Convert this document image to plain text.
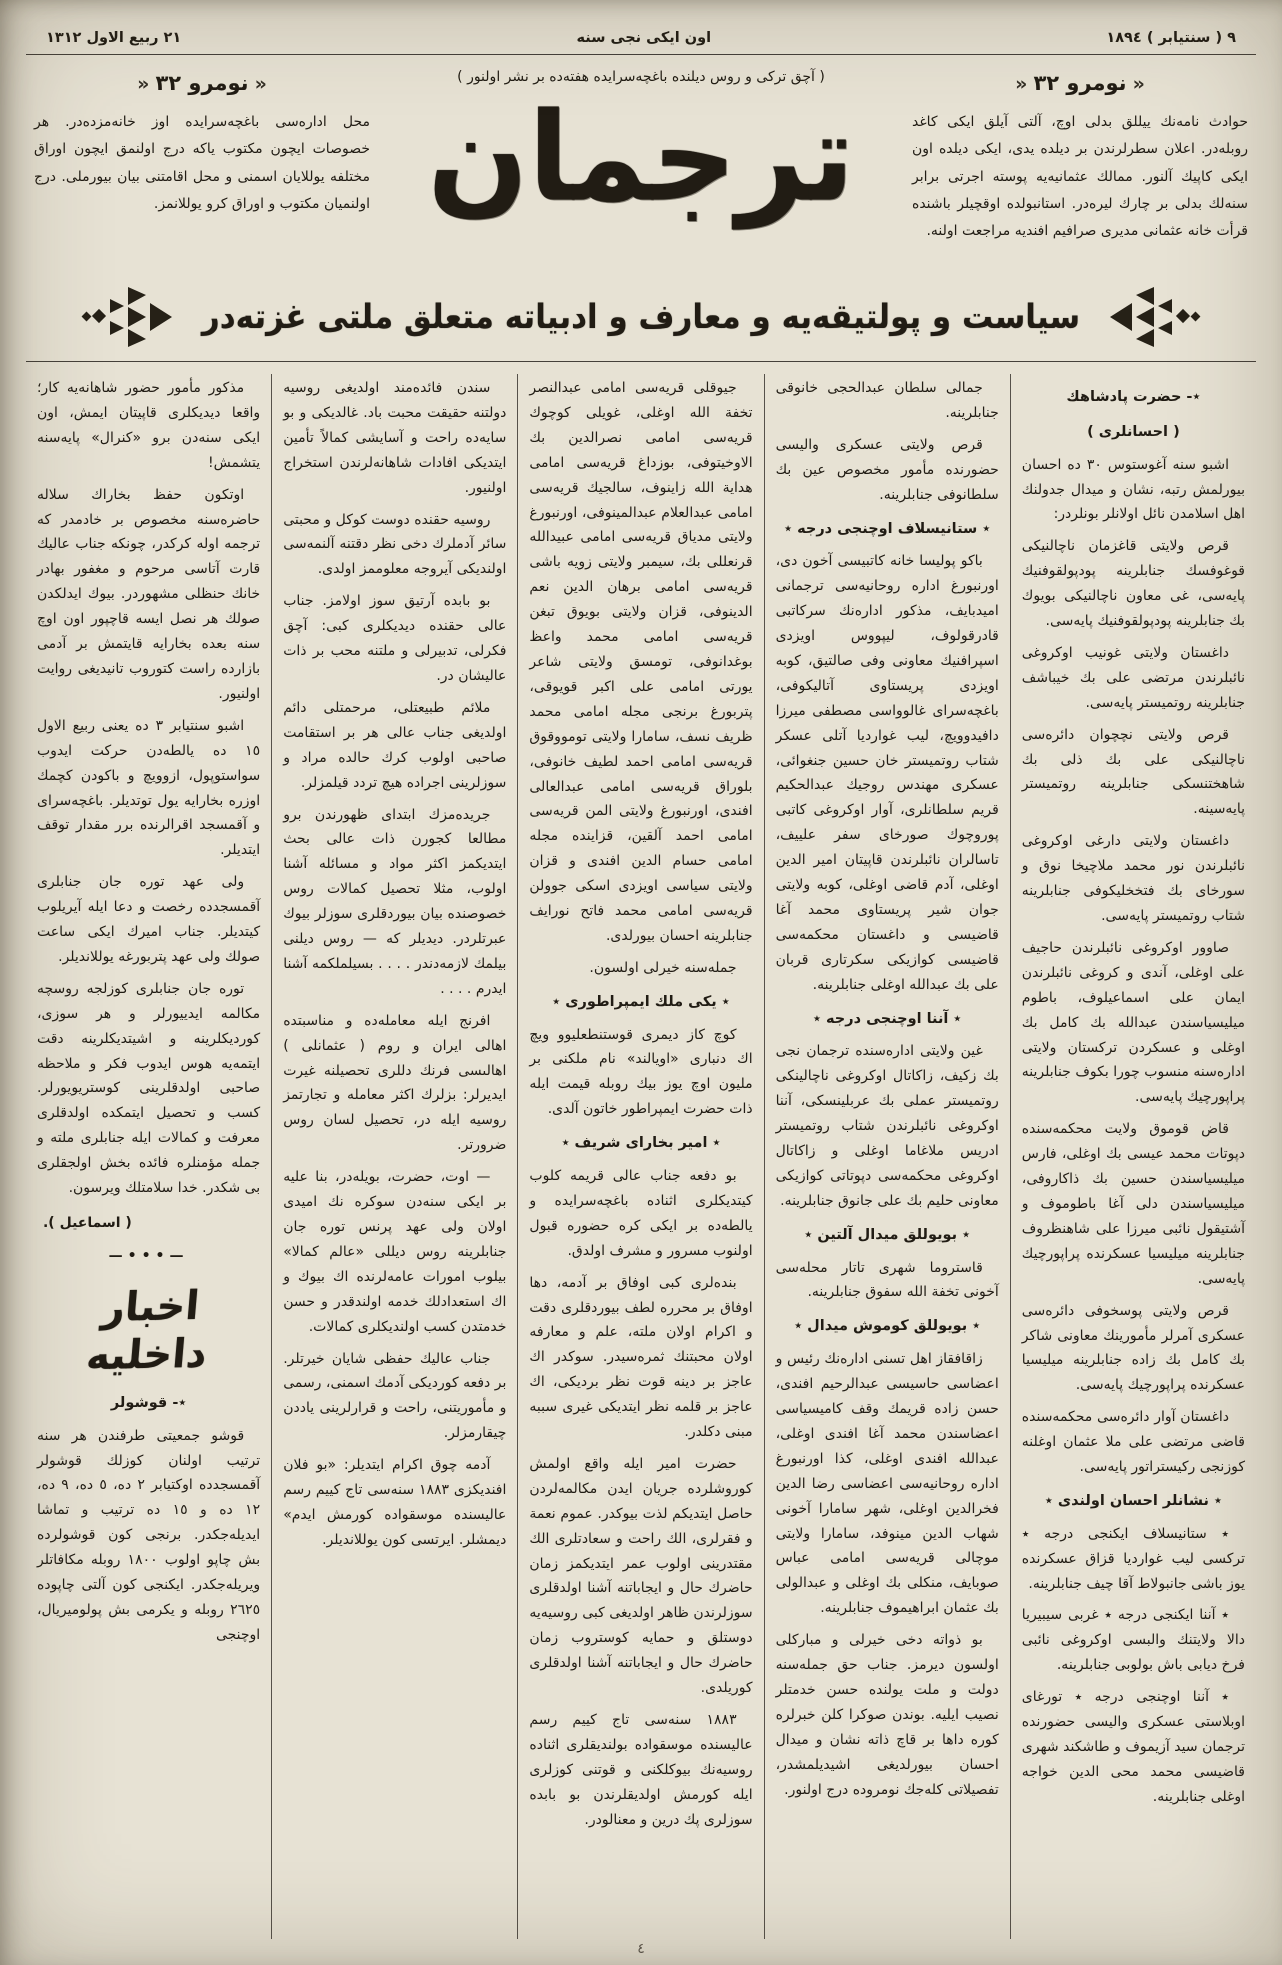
٩ ( سنتيابر ) ١٨٩٤
اون ايكى نجى سنه
٢١ ربيع الاول ١٣١٢
«نومرو ٣٢«

حوادث نامه‌نك ييللق بدلى اوچ، آلتى آيلق ايكى كاغد روبله‌در. اعلان سطرلرندن بر ديلده يدى، ايكى ديلده اون ايكى كاپيك آلنور. ممالك عثمانيه‌يه پوسته اجرتى برابر سنه‌لك بدلى بر چارك ليره‌در. استانبولده اوقچيلر باشنده قرأت خانه عثمانى مديرى صرافيم افنديه مراجعت اولنه.

( آچق تركى و روس ديلنده باغچه‌سرايده هفته‌ده بر نشر اولنور )
ترجمان
«نومرو ٣٢«

محل اداره‌سى باغچه‌سرايده اوز خانه‌مزده‌در. هر خصوصات ايچون مكتوب ياكه درج اولنمق ايچون اوراق مختلفه يوللايان اسمنى و محل اقامتنى بيان بيورملى. درج اولنميان مكتوب و اوراق كرو يوللانمز.

سياست و پولتيقه‌يه و معارف و ادبياته متعلق ملتى غزته‌در
٭- حضرت پادشاهك
( احسانلرى )
اشبو سنه آغوستوس ٣٠ ده احسان بيورلمش رتبه، نشان و ميدال جدولنك اهل اسلامدن نائل اولانلر بونلردر:
قرص ولايتى قاغزمان ناچالنيكى قوغوفسك جنابلرينه پودپولقوفنيك پايه‌سى، غى معاون ناچالنيكى بويوك بك جنابلرينه پودپولقوفنيك پايه‌سى.
داغستان ولايتى غونيب اوكروغى نائبلرندن مرتضى على بك خيباشف جنابلرينه روتميستر پايه‌سى.
قرص ولايتى نچچوان دائره‌سى ناچالنيكى على بك ذلى بك شاهختنسكى جنابلرينه روتميستر پايه‌سينه.
داغستان ولايتى دارغى اوكروغى نائبلرندن نور محمد ملاچيخا نوق و سورخاى بك فتخخليكوفى جنابلرينه شتاب روتميستر پايه‌سى.
صاوور اوكروغى نائبلرندن حاجيف على اوغلى، آندى و كروغى نائبلرندن ايمان على اسماعيلوف، باطوم ميليسياسندن عبدالله بك كامل بك اوغلى و عسكردن تركستان ولايتى اداره‌سنه منسوب چورا بكوف جنابلرينه پراپورچيك پايه‌سى.
قاض قوموق ولايت محكمه‌سنده دپوتات محمد عيسى بك اوغلى، فارس ميليسياسندن حسين بك ذاكاروفى، ميليسياسندن دلى آغا باطوموف و آشتيقول نائبى ميرزا على شاهنظروف جنابلرينه ميليسيا عسكرنده پراپورچيك پايه‌سى.
قرص ولايتى پوسخوفى دائره‌سى عسكرى آمرلر مأمورينك معاونى شاكر بك كامل بك زاده جنابلرينه ميليسيا عسكرنده پراپورچيك پايه‌سى.
داغستان آوار دائره‌سى محكمه‌سنده قاضى مرتضى على ملا عثمان اوغلنه كوزنجى ركيستراتور پايه‌سى.
٭ نشانلر احسان اولندى ٭
٭ ستانيسلاف ايكنجى درجه ٭ تركسى ليب غوارديا قزاق عسكرنده يوز باشى جانبولاط آقا چيف جنابلرينه.
٭ آننا ايكنجى درجه ٭ غربى سيبيريا دالا ولايتنك والبسى اوكروغى نائبى فرخ ديابى باش بولوبى جنابلرينه.
٭ آننا اوچنجى درجه ٭ تورغاى اوبلاستى عسكرى واليسى حضورنده ترجمان سيد آزيموف و طاشكند شهرى قاضيسى محمد محى الدين خواجه اوغلى جنابلرينه.
جمالى سلطان عبدالحجى خانوقى جنابلرينه.
قرص ولايتى عسكرى واليسى حضورنده مأمور مخصوص عين بك سلطانوفى جنابلرينه.
٭ ستانيسلاف اوچنجى درجه ٭
باكو پوليسا خانه كاتبيسى آخون دى، اورنبورغ اداره روحانيه‌سى ترجمانى اميدبايف، مذكور اداره‌نك سركاتبى قادرقولوف، ليپووس اويزدى اسپرافنيك معاونى وفى صالتيق، كوبه اويزدى پريستاوى آتاليكوفى، باغچه‌سراى غالوواسى مصطفى ميرزا دافيدوويچ، ليب غوارديا آتلى عسكر شتاب روتميستر خان حسين جنغوائى، عسكرى مهندس روجيك عبدالحكيم قريم سلطانلرى، آوار اوكروغى كاتبى پوروچوك صورخاى سفر علييف، تاسالران نائبلرندن قاپيتان امير الدين اوغلى، آدم قاضى اوغلى، كوبه ولايتى جوان شير پريستاوى محمد آغا قاضيسى و داغستان محكمه‌سى قاضيسى كوازيكى سكرتارى قربان على بك عبدالله اوغلى جنابلرينه.
٭ آننا اوچنجى درجه ٭
غين ولايتى اداره‌سنده ترجمان نجى بك زكيف، زاكاتال اوكروغى ناچالينكى روتميستر عملى بك عربلينسكى، آننا اوكروغى نائبلرندن شتاب روتميستر ادريس ملاغاما اوغلى و زاكاتال اوكروغى محكمه‌سى دپوتاتى كوازيكى معاونى حليم بك على جانوق جنابلرينه.
٭ بويوللق ميدال آلتين ٭
قاستروما شهرى تاتار محله‌سى آخونى تخفة الله سفوق جنابلرينه.
٭ بويوللق كوموش ميدال ٭
زاقافقاز اهل تسنى اداره‌نك رئيس و اعضاسى حاسيسى عبدالرحيم افندى، حسن زاده قريمك وقف كاميسياسى اعضاسندن محمد آغا افندى اوغلى، عبدالله افندى اوغلى، كذا اورنبورغ اداره روحانيه‌سى اعضاسى رضا الدين فخرالدين اوغلى، شهر سامارا آخونى شهاب الدين مينوفد، سامارا ولايتى موچالى قريه‌سى امامى عباس صوبايف، منكلى بك اوغلى و عبدالولى بك عثمان ابراهيموف جنابلرينه.
بو ذواته دخى خيرلى و مباركلى اولسون ديرمز. جناب حق جمله‌سنه دولت و ملت يولنده حسن خدمتلر نصيب ايليه. بوندن صوكرا كلن خبرلره كوره داها بر قاچ ذاته نشان و ميدال احسان بيورلديغى اشيديلمشدر، تفصيلاتى كله‌جك نومروده درج اولنور.
جيوقلى قريه‌سى امامى عبدالنصر تخفة الله اوغلى، غويلى كوچوك قريه‌سى امامى نصرالدين بك الاوخيتوفى، بوزداغ قريه‌سى امامى هداية الله زاينوف، سالجيك قريه‌سى امامى عبدالعلام عبدالمينوفى، اورنبورغ ولايتى مدياق قريه‌سى امامى عبيدالله قرنعللى بك، سيمبر ولايتى زويه باشى قريه‌سى امامى برهان الدين نعم الدينوفى، قزان ولايتى بويوق تبغن قريه‌سى امامى محمد واعظ بوغدانوفى، تومسق ولايتى شاعر يورتى امامى على اكبر قويوقى، پتربورغ برنجى مجله امامى محمد ظريف نسف، سامارا ولايتى تومووقوق قريه‌سى امامى احمد لطيف خانوفى، بلوراق قريه‌سى امامى عبدالعالى افندى، اورنبورغ ولايتى المن قريه‌سى امامى احمد آلقين، قزاينده مجله امامى حسام الدين افندى و قزان ولايتى سياسى اويزدى اسكى جوولن قريه‌سى امامى محمد فاتح نورايف جنابلرينه احسان بيورلدى.
جمله‌سنه خيرلى اولسون.
٭ يكى ملك ايمپراطورى ٭
كوچ كاز ديمرى قوستنطعليوو ويچ اك دنبارى «اويالند» نام ملكنى بر مليون اوچ يوز بيك روبله قيمت ايله ذات حضرت ايمپراطور خاتون آلدى.
٭ امير بخاراى شريف ٭
بو دفعه جناب عالى قريمه كلوب كيتديكلرى اثناده باغچه‌سرايده و يالطه‌ده بر ايكى كره حضوره قبول اولنوب مسرور و مشرف اولدق.
بنده‌لرى كبى اوفاق بر آدمه، دها اوفاق بر محرره لطف بيوردقلرى دقت و اكرام اولان ملته، علم و معارفه اولان محبتنك ثمره‌سيدر. سوكدر اك عاجز بر دينه قوت نظر برديكى، اك عاجز بر قلمه نظر ايتديكى غيرى سببه مبنى دكلدر.
حضرت امير ايله واقع اولمش كوروشلرده جريان ايدن مكالمه‌لردن حاصل ايتديكم لذت بيوكدر. عموم نعمة و فقرلرى، الك راحت و سعادتلرى الك مقتدرينى اولوب عمر ايتديكمز زمان حاضرك حال و ايجاباتنه آشنا اولدقلرى سوزلرندن ظاهر اولديغى كبى روسيه‌يه دوستلق و حمايه كوستروب زمان حاضرك حال و ايجاباتنه آشنا اولدقلرى كوريلدى.
١٨٨٣ سنه‌سى تاج كييم رسم عاليسنده موسقواده بولنديقلرى اثناده روسيه‌نك بيوكلكنى و قوتنى كوزلرى ايله كورمش اولديقلرندن بو بابده سوزلرى پك درين و معنالودر.
سندن فائده‌مند اولديغى روسيه دولتنه حقيقت محبت باد. غالديكى و بو سايه‌ده راحت و آسايشى كمالاً تأمين ايتديكى افادات شاهانه‌لرندن استخراج اولنيور.
روسيه حقنده دوست كوكل و محبتى سائر آدملرك دخى نظر دقتنه آلنمه‌سى اولنديكى آيروجه معلوممز اولدى.
بو بابده آرتيق سوز اولامز. جناب عالى حقنده ديديكلرى كبى: آچق فكرلى، تدبيرلى و ملتنه محب بر ذات عاليشان در.
ملائم طبيعتلى، مرحمتلى دائم اولديغى جناب عالى هر بر استقامت صاحبى اولوب كرك حالده مراد و سوزلرينى اجراده هيچ تردد قيلمزلر.
جريده‌مزك ابتداى ظهورندن برو مطالعا كجورن ذات عالى بحث ايتديكمز اكثر مواد و مسائله آشنا اولوب، مثلا تحصيل كمالات روس خصوصنده بيان بيوردقلرى سوزلر بيوك عبرتلردر. ديديلر كه — روس ديلنى بيلمك لازمه‌دندر . . . . بسيلملكمه آشنا ايدرم . . . .
افرنج ايله معامله‌ده و مناسبتده اهالى ايران و روم ( عثمانلى ) اهالىسى فرنك دللرى تحصيلنه غيرت ايديرلر: بزلرك اكثر معامله و تجارتمز روسيه ايله در، تحصيل لسان روس ضرورتر.
— اوت، حضرت، بويله‌در، بنا عليه بر ايكى سنه‌دن سوكره نك اميدى اولان ولى عهد پرنس توره جان جنابلرينه روس ديللى «عالم كمالا» بيلوب امورات عامه‌لرنده اك بيوك و اك استعدادلك خدمه اولندقدر و حسن خدمتدن كسب اولنديكلرى كمالات.
جناب عاليك حفظى شايان خيرتلر. بر دفعه كورديكى آدمك اسمنى، رسمى و مأموريتنى، راحت و قرارلرينى ياددن چيقارمزلر.
آدمه چوق اكرام ايتديلر: «بو فلان افنديكزى ١٨٨٣ سنه‌سى تاج كييم رسم عاليسنده موسقواده كورمش ايدم» ديمشلر. ايرتسى كون يوللانديلر.
مذكور مأمور حضور شاهانه‌يه كار؛ واقعا ديديكلرى قاپيتان ايمش، اون ايكى سنه‌دن برو «كنرال» پايه‌سنه يتشمش!
اوتكون حفظ بخاراك سلاله حاضره‌سنه مخصوص بر خادمدر كه ترجمه اوله كركدر، چونكه جناب عاليك قارت آتاسى مرحوم و مغفور بهادر خانك حنظلى مشهوردر. بيوك ايدلكدن صولك هر نصل ايسه قاچپور اون اوچ سنه بعده بخارايه قايتمش بر آدمى بازارده راست كتوروب تانيديغى روايت اولنيور.
اشبو سنتيابر ٣ ده يعنى ربيع الاول ١٥ ده يالطه‌دن حركت ايدوب سواستوپول، ازوويچ و باكودن كچمك اوزره بخارايه يول توتديلر. باغچه‌سراى و آقمسجد اقرالرنده برر مقدار توقف ايتديلر.
ولى عهد توره جان جنابلرى آقمسجدده رخصت و دعا ايله آيريلوب كيتديلر. جناب اميرك ايكى ساعت صولك ولى عهد پتربورغه يوللانديلر.
توره جان جنابلرى كوزلجه روسچه مكالمه ايدييورلر و هر سوزى، كورديكلرينه و اشيتديكلرينه دقت ايتمه‌يه هوس ايدوب فكر و ملاحظه صاحبى اولدقلرينى كوستريويورلر. كسب و تحصيل ايتمكده اولدقلرى معرفت و كمالات ايله جنابلرى ملته و جمله مؤمنلره فائده بخش اولجقلرى بى شكدر. خدا سلامتلك ويرسون.
( اسماعيل ).
—•••—
اخبار داخليه
٭- قوشولر
قوشو جمعيتى طرفندن هر سنه ترتيب اولنان كوزلك قوشولر آقمسجدده اوكتيابر ٢ ده، ٥ ده، ٩ ده، ١٢ ده و ١٥ ده ترتيب و تماشا ايديله‌جكدر. برنجى كون قوشولرده بش چاپو اولوب ١٨٠٠ روبله مكافاتلر ويريله‌جكدر. ايكنجى كون آلتى چاپوده ٢٦٢٥ روبله و يكرمى بش پولوميريال، اوچنجى
٤
